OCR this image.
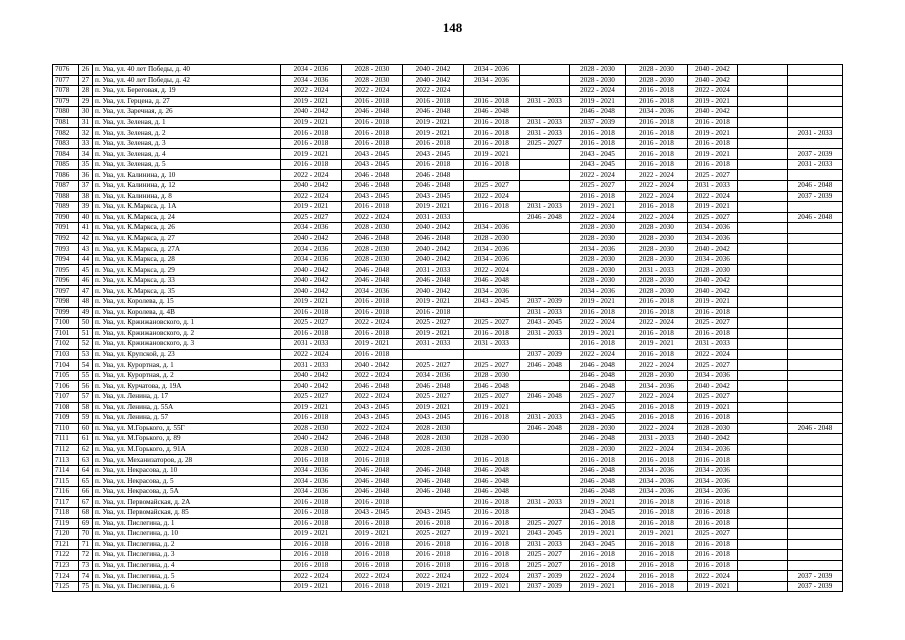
148
7076	26	п. Ува, ул. 40 лет Победы, д. 40	2034 - 2036	2028 - 2030	2040 - 2042	2034 - 2036		2028 - 2030	2028 - 2030	2040 - 2042		
7077	27	п. Ува, ул. 40 лет Победы, д. 42	2034 - 2036	2028 - 2030	2040 - 2042	2034 - 2036		2028 - 2030	2028 - 2030	2040 - 2042		
7078	28	п. Ува, ул. Береговая, д. 19	2022 - 2024	2022 - 2024	2022 - 2024			2022 - 2024	2016 - 2018	2022 - 2024		
7079	29	п. Ува, ул. Герцена, д. 27	2019 - 2021	2016 - 2018	2016 - 2018	2016 - 2018	2031 - 2033	2019 - 2021	2016 - 2018	2019 - 2021		
7080	30	п. Ува, ул. Заречная, д. 26	2040 - 2042	2046 - 2048	2046 - 2048	2046 - 2048		2046 - 2048	2034 - 2036	2040 - 2042		
7081	31	п. Ува, ул. Зеленая, д. 1	2019 - 2021	2016 - 2018	2019 - 2021	2016 - 2018	2031 - 2033	2037 - 2039	2016 - 2018	2016 - 2018		
7082	32	п. Ува, ул. Зеленая, д. 2	2016 - 2018	2016 - 2018	2019 - 2021	2016 - 2018	2031 - 2033	2016 - 2018	2016 - 2018	2019 - 2021		2031 - 2033
7083	33	п. Ува, ул. Зеленая, д. 3	2016 - 2018	2016 - 2018	2016 - 2018	2016 - 2018	2025 - 2027	2016 - 2018	2016 - 2018	2016 - 2018		
7084	34	п. Ува, ул. Зеленая, д. 4	2019 - 2021	2043 - 2045	2043 - 2045	2019 - 2021		2043 - 2045	2016 - 2018	2019 - 2021		2037 - 2039
7085	35	п. Ува, ул. Зеленая, д. 5	2016 - 2018	2043 - 2045	2016 - 2018	2016 - 2018		2043 - 2045	2016 - 2018	2016 - 2018		2031 - 2033
7086	36	п. Ува, ул. Калинина, д. 10	2022 - 2024	2046 - 2048	2046 - 2048			2022 - 2024	2022 - 2024	2025 - 2027		
7087	37	п. Ува, ул. Калинина, д. 12	2040 - 2042	2046 - 2048	2046 - 2048	2025 - 2027		2025 - 2027	2022 - 2024	2031 - 2033		2046 - 2048
7088	38	п. Ува, ул. Калинина, д. 8	2022 - 2024	2043 - 2045	2043 - 2045	2022 - 2024		2016 - 2018	2022 - 2024	2022 - 2024		2037 - 2039
7089	39	п. Ува, ул. К.Маркса, д. 1А	2019 - 2021	2016 - 2018	2019 - 2021	2016 - 2018	2031 - 2033	2019 - 2021	2016 - 2018	2019 - 2021		
7090	40	п. Ува, ул. К.Маркса, д. 24	2025 - 2027	2022 - 2024	2031 - 2033		2046 - 2048	2022 - 2024	2022 - 2024	2025 - 2027		2046 - 2048
7091	41	п. Ува, ул. К.Маркса, д. 26	2034 - 2036	2028 - 2030	2040 - 2042	2034 - 2036		2028 - 2030	2028 - 2030	2034 - 2036		
7092	42	п. Ува, ул. К.Маркса, д. 27	2040 - 2042	2046 - 2048	2046 - 2048	2028 - 2030		2028 - 2030	2028 - 2030	2034 - 2036		
7093	43	п. Ува, ул. К.Маркса, д. 27А	2034 - 2036	2028 - 2030	2040 - 2042	2034 - 2036		2034 - 2036	2028 - 2030	2040 - 2042		
7094	44	п. Ува, ул. К.Маркса, д. 28	2034 - 2036	2028 - 2030	2040 - 2042	2034 - 2036		2028 - 2030	2028 - 2030	2034 - 2036		
7095	45	п. Ува, ул. К.Маркса, д. 29	2040 - 2042	2046 - 2048	2031 - 2033	2022 - 2024		2028 - 2030	2031 - 2033	2028 - 2030		
7096	46	п. Ува, ул. К.Маркса, д. 33	2040 - 2042	2046 - 2048	2046 - 2048	2046 - 2048		2028 - 2030	2028 - 2030	2040 - 2042		
7097	47	п. Ува, ул. К.Маркса, д. 35	2040 - 2042	2034 - 2036	2040 - 2042	2034 - 2036		2034 - 2036	2028 - 2030	2040 - 2042		
7098	48	п. Ува, ул. Королева, д. 15	2019 - 2021	2016 - 2018	2019 - 2021	2043 - 2045	2037 - 2039	2019 - 2021	2016 - 2018	2019 - 2021		
7099	49	п. Ува, ул. Королева, д. 4В	2016 - 2018	2016 - 2018	2016 - 2018		2031 - 2033	2016 - 2018	2016 - 2018	2016 - 2018		
7100	50	п. Ува, ул. Кржижановского, д. 1	2025 - 2027	2022 - 2024	2025 - 2027	2025 - 2027	2043 - 2045	2022 - 2024	2022 - 2024	2025 - 2027		
7101	51	п. Ува, ул. Кржижановского, д. 2	2016 - 2018	2016 - 2018	2019 - 2021	2016 - 2018	2031 - 2033	2019 - 2021	2016 - 2018	2016 - 2018		
7102	52	п. Ува, ул. Кржижановского, д. 3	2031 - 2033	2019 - 2021	2031 - 2033	2031 - 2033		2016 - 2018	2019 - 2021	2031 - 2033		
7103	53	п. Ува, ул. Крупской, д. 23	2022 - 2024	2016 - 2018			2037 - 2039	2022 - 2024	2016 - 2018	2022 - 2024		
7104	54	п. Ува, ул. Курортная, д. 1	2031 - 2033	2040 - 2042	2025 - 2027	2025 - 2027	2046 - 2048	2046 - 2048	2022 - 2024	2025 - 2027		
7105	55	п. Ува, ул. Курортная, д. 2	2040 - 2042	2022 - 2024	2034 - 2036	2028 - 2030		2046 - 2048	2028 - 2030	2034 - 2036		
7106	56	п. Ува, ул. Курчатова, д. 19А	2040 - 2042	2046 - 2048	2046 - 2048	2046 - 2048		2046 - 2048	2034 - 2036	2040 - 2042		
7107	57	п. Ува, ул. Ленина, д. 17	2025 - 2027	2022 - 2024	2025 - 2027	2025 - 2027	2046 - 2048	2025 - 2027	2022 - 2024	2025 - 2027		
7108	58	п. Ува, ул. Ленина, д. 55А	2019 - 2021	2043 - 2045	2019 - 2021	2019 - 2021		2043 - 2045	2016 - 2018	2019 - 2021		
7109	59	п. Ува, ул. Ленина, д. 57	2016 - 2018	2043 - 2045	2043 - 2045	2016 - 2018	2031 - 2033	2043 - 2045	2016 - 2018	2016 - 2018		
7110	60	п. Ува, ул. М.Горького, д. 55Г	2028 - 2030	2022 - 2024	2028 - 2030		2046 - 2048	2028 - 2030	2022 - 2024	2028 - 2030		2046 - 2048
7111	61	п. Ува, ул. М.Горького, д. 89	2040 - 2042	2046 - 2048	2028 - 2030	2028 - 2030		2046 - 2048	2031 - 2033	2040 - 2042		
7112	62	п. Ува, ул. М.Горького, д. 91А	2028 - 2030	2022 - 2024	2028 - 2030			2028 - 2030	2022 - 2024	2034 - 2036		
7113	63	п. Ува, ул. Механизаторов, д. 28	2016 - 2018	2016 - 2018		2016 - 2018		2016 - 2018	2016 - 2018	2016 - 2018		
7114	64	п. Ува, ул. Некрасова, д. 10	2034 - 2036	2046 - 2048	2046 - 2048	2046 - 2048		2046 - 2048	2034 - 2036	2034 - 2036		
7115	65	п. Ува, ул. Некрасова, д. 5	2034 - 2036	2046 - 2048	2046 - 2048	2046 - 2048		2046 - 2048	2034 - 2036	2034 - 2036		
7116	66	п. Ува, ул. Некрасова, д. 5А	2034 - 2036	2046 - 2048	2046 - 2048	2046 - 2048		2046 - 2048	2034 - 2036	2034 - 2036		
7117	67	п. Ува, ул. Первомайская, д. 2А	2016 - 2018	2016 - 2018		2016 - 2018	2031 - 2033	2019 - 2021	2016 - 2018	2016 - 2018		
7118	68	п. Ува, ул. Первомайская, д. 85	2016 - 2018	2043 - 2045	2043 - 2045	2016 - 2018		2043 - 2045	2016 - 2018	2016 - 2018		
7119	69	п. Ува, ул. Пислегина, д. 1	2016 - 2018	2016 - 2018	2016 - 2018	2016 - 2018	2025 - 2027	2016 - 2018	2016 - 2018	2016 - 2018		
7120	70	п. Ува, ул. Пислегина, д. 10	2019 - 2021	2019 - 2021	2025 - 2027	2019 - 2021	2043 - 2045	2019 - 2021	2019 - 2021	2025 - 2027		
7121	71	п. Ува, ул. Пислегина, д. 2	2016 - 2018	2016 - 2018	2016 - 2018	2016 - 2018	2031 - 2033	2043 - 2045	2016 - 2018	2016 - 2018		
7122	72	п. Ува, ул. Пислегина, д. 3	2016 - 2018	2016 - 2018	2016 - 2018	2016 - 2018	2025 - 2027	2016 - 2018	2016 - 2018	2016 - 2018		
7123	73	п. Ува, ул. Пислегина, д. 4	2016 - 2018	2016 - 2018	2016 - 2018	2016 - 2018	2025 - 2027	2016 - 2018	2016 - 2018	2016 - 2018		
7124	74	п. Ува, ул. Пислегина, д. 5	2022 - 2024	2022 - 2024	2022 - 2024	2022 - 2024	2037 - 2039	2022 - 2024	2016 - 2018	2022 - 2024		2037 - 2039
7125	75	п. Ува, ул. Пислегина, д. 6	2019 - 2021	2016 - 2018	2019 - 2021	2019 - 2021	2037 - 2039	2019 - 2021	2016 - 2018	2019 - 2021		2037 - 2039
